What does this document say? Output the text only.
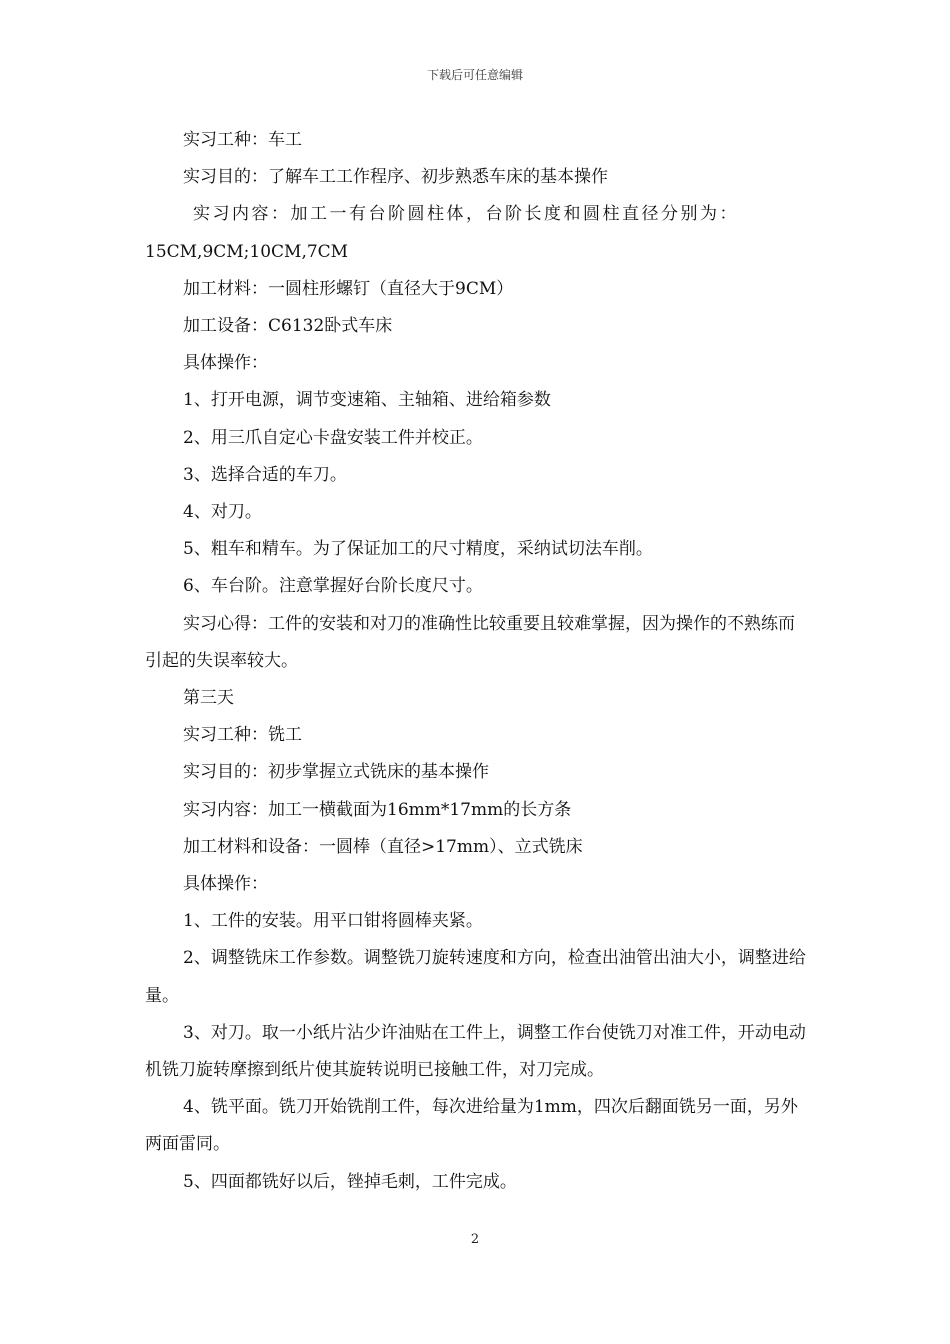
下载后可任意编辑

实习工种：车工

实习目的：了解车工工作程序、初步熟悉车床的基本操作

实习内容：加工一有台阶圆柱体，台阶长度和圆柱直径分别为：

15CM,9CM;10CM,7CM

加工材料：一圆柱形螺钉（直径大于9CM）

加工设备：C6132卧式车床

具体操作：

1、打开电源，调节变速箱、主轴箱、进给箱参数

2、用三爪自定心卡盘安装工件并校正。

3、选择合适的车刀。

4、对刀。

5、粗车和精车。为了保证加工的尺寸精度，采纳试切法车削。

6、车台阶。注意掌握好台阶长度尺寸。

实习心得：工件的安装和对刀的准确性比较重要且较难掌握，因为操作的不熟练而引起的失误率较大。

第三天

实习工种：铣工

实习目的：初步掌握立式铣床的基本操作

实习内容：加工一横截面为16mm*17mm的长方条

加工材料和设备：一圆棒（直径>17mm）、立式铣床

具体操作：

1、工件的安装。用平口钳将圆棒夹紧。

2、调整铣床工作参数。调整铣刀旋转速度和方向，检查出油管出油大小，调整进给量。

3、对刀。取一小纸片沾少许油贴在工件上，调整工作台使铣刀对准工件，开动电动机铣刀旋转摩擦到纸片使其旋转说明已接触工件，对刀完成。

4、铣平面。铣刀开始铣削工件，每次进给量为1mm，四次后翻面铣另一面，另外两面雷同。

5、四面都铣好以后，锉掉毛刺，工件完成。

2
